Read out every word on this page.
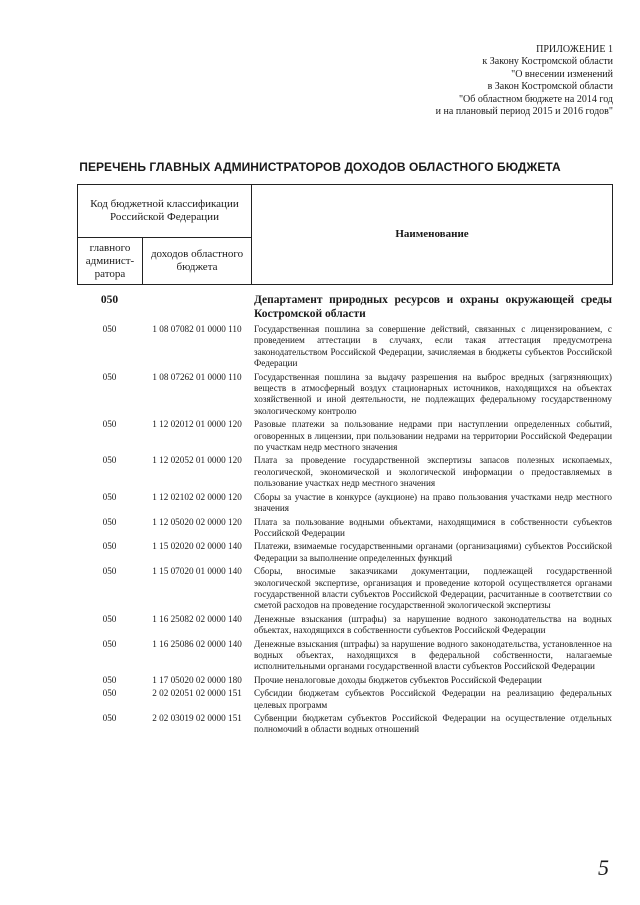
ПРИЛОЖЕНИЕ 1
к Закону Костромской области
"О внесении изменений
в Закон Костромской области
"Об областном бюджете на 2014 год
и на плановый период 2015 и 2016 годов"
ПЕРЕЧЕНЬ ГЛАВНЫХ АДМИНИСТРАТОРОВ ДОХОДОВ ОБЛАСТНОГО БЮДЖЕТА
Код бюджетной классификации Российской Федерации		Наименование
главного админист-ратора	доходов областного бюджета	
050		Департамент природных ресурсов и охраны окружающей среды Костромской области
050	1 08 07082 01 0000 110	Государственная пошлина за совершение действий, связанных с лицензированием, с проведением аттестации в случаях, если такая аттестация предусмотрена законодательством Российской Федерации, зачисляемая в бюджеты субъектов Российской Федерации
050	1 08 07262 01 0000 110	Государственная пошлина за выдачу разрешения на выброс вредных (загрязняющих) веществ в атмосферный воздух стационарных источников, находящихся на объектах хозяйственной и иной деятельности, не подлежащих федеральному государственному экологическому контролю
050	1 12 02012 01 0000 120	Разовые платежи за пользование недрами при наступлении определенных событий, оговоренных в лицензии, при пользовании недрами на территории Российской Федерации по участкам недр местного значения
050	1 12 02052 01 0000 120	Плата за проведение государственной экспертизы запасов полезных ископаемых, геологической, экономической и экологической информации о предоставляемых в пользование участках недр местного значения
050	1 12 02102 02 0000 120	Сборы за участие в конкурсе (аукционе) на право пользования участками недр местного значения
050	1 12 05020 02 0000 120	Плата за пользование водными объектами, находящимися в собственности субъектов Российской Федерации
050	1 15 02020 02 0000 140	Платежи, взимаемые государственными органами (организациями) субъектов Российской Федерации за выполнение определенных функций
050	1 15 07020 01 0000 140	Сборы, вносимые заказчиками документации, подлежащей государственной экологической экспертизе, организация и проведение которой осуществляется органами государственной власти субъектов Российской Федерации, расчитанные в соответствии со сметой расходов на проведение государственной экологической экспертизы
050	1 16 25082 02 0000 140	Денежные взыскания (штрафы) за нарушение водного законодательства на водных объектах, находящихся в собственности субъектов Российской Федерации
050	1 16 25086 02 0000 140	Денежные взыскания (штрафы) за нарушение водного законодательства, установленное на водных объектах, находящихся в федеральной собственности, налагаемые исполнительными органами государственной власти субъектов Российской Федерации
050	1 17 05020 02 0000 180	Прочие неналоговые доходы бюджетов субъектов Российской Федерации
050	2 02 02051 02 0000 151	Субсидии бюджетам субъектов Российской Федерации на реализацию федеральных целевых программ
050	2 02 03019 02 0000 151	Субвенции бюджетам субъектов Российской Федерации на осуществление отдельных полномочий в области водных отношений
5
